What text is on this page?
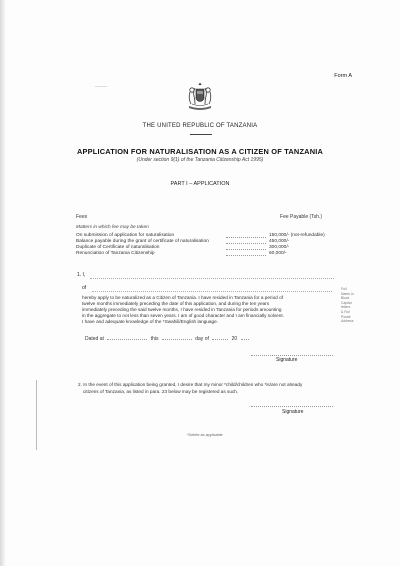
Form A
THE UNITED REPUBLIC OF TANZANIA
APPLICATION FOR NATURALISATION AS A CITIZEN OF TANZANIA
(Under section 9(1) of the Tanzania Citizenship Act 1995)
PART I – APPLICATION
Fees	Fee Payable (Tsh.)
Matters in which fee may be taken
On submission of application for naturalisation	150,000/- (not-refundable)
Balance payable during the grant of certificate of naturalisation	450,000/-
Duplicate of Certificate of naturalisation	300,000/-
Renunciation of Tanzania Citizenship	60,000/-
1. I,
of
hereby apply to be naturalized as a Citizen of Tanzania. I have resided in Tanzania for a period of
twelve months immediately preceding the date of this application, and during the ten years
immediately preceding the said twelve months, I have resided in Tanzania for periods amounting
in the aggregate to not less than seven years. I am of good character and I am financially solvent.
I have and adequate knowledge of the *Swahili/English language.
Full
Name in
Block
Capital
letters
& Full
Postal
Address
Dated at	this	day of	20
Signature
2. In the event of this application being granted, I desire that my minor *child/children who *is/are not already
citizens of Tanzania, as listed in para. 23 below may be registered as such.
Signature
*Delete as applicable
